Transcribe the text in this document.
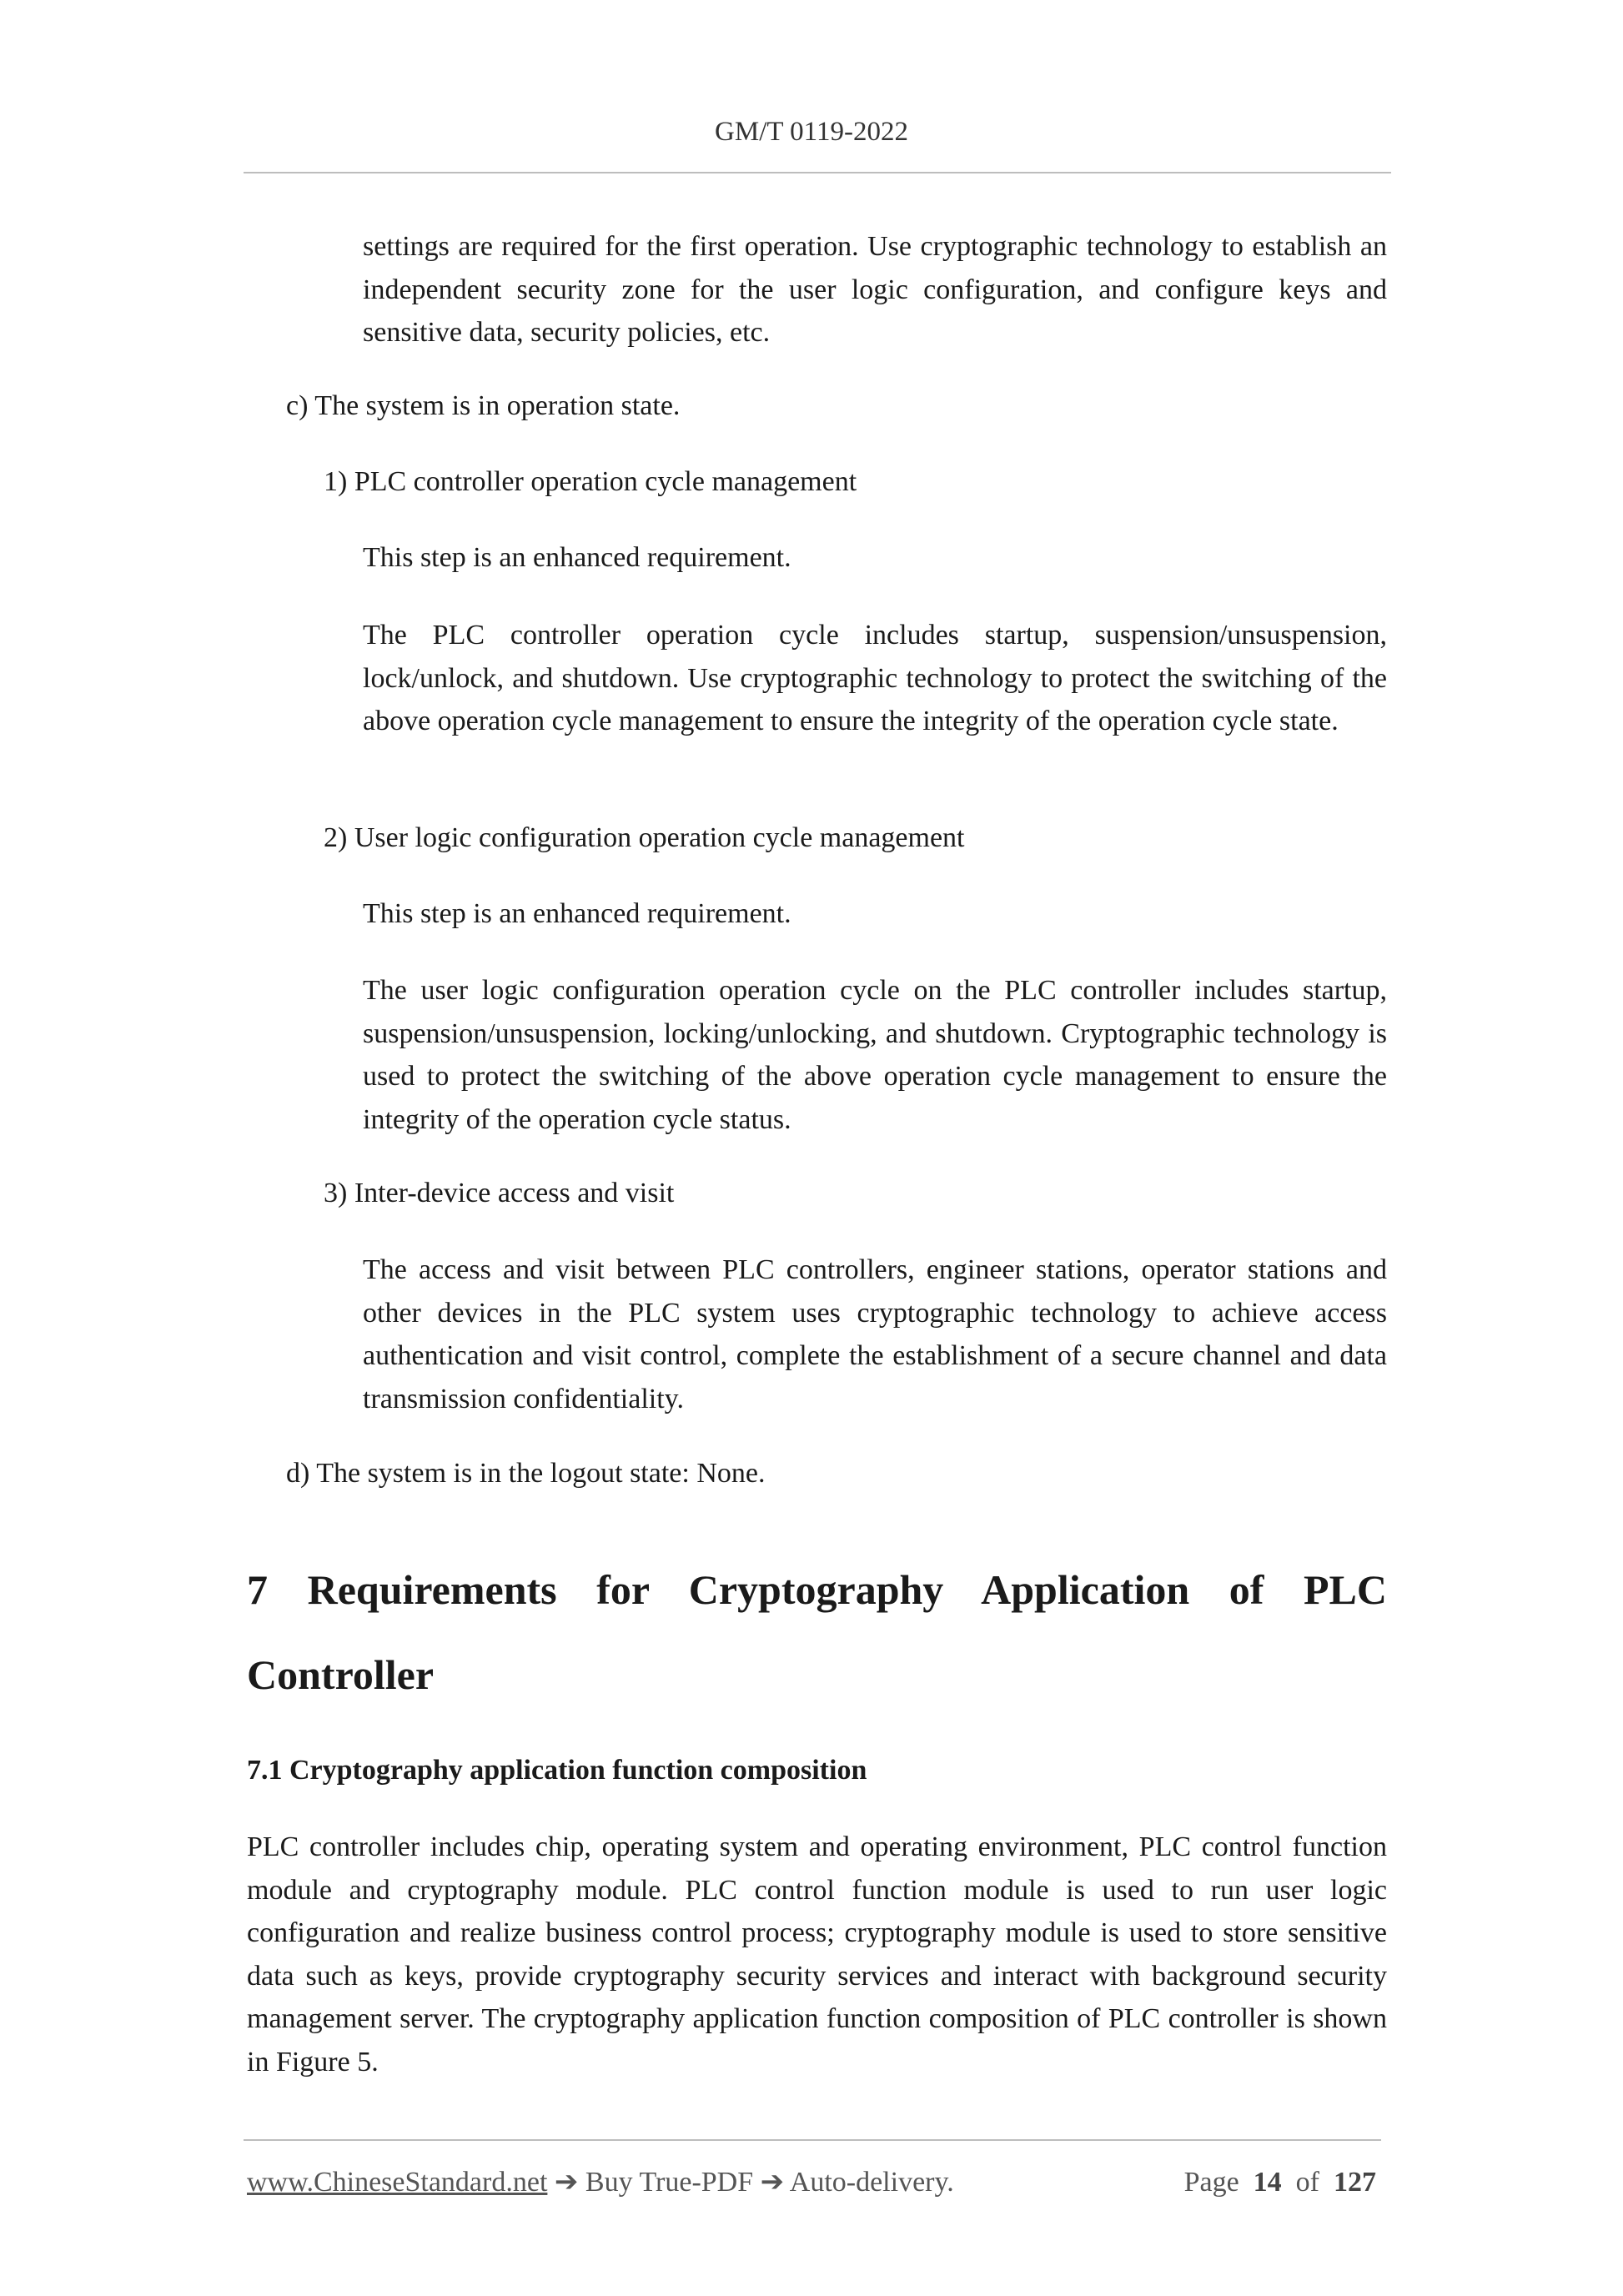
GM/T 0119-2022

settings are required for the first operation. Use cryptographic technology to establish an independent security zone for the user logic configuration, and configure keys and sensitive data, security policies, etc.

c) The system is in operation state.

1) PLC controller operation cycle management

This step is an enhanced requirement.

The PLC controller operation cycle includes startup, suspension/unsuspension, lock/unlock, and shutdown. Use cryptographic technology to protect the switching of the above operation cycle management to ensure the integrity of the operation cycle state.

2) User logic configuration operation cycle management

This step is an enhanced requirement.

The user logic configuration operation cycle on the PLC controller includes startup, suspension/unsuspension, locking/unlocking, and shutdown. Cryptographic technology is used to protect the switching of the above operation cycle management to ensure the integrity of the operation cycle status.

3) Inter-device access and visit

The access and visit between PLC controllers, engineer stations, operator stations and other devices in the PLC system uses cryptographic technology to achieve access authentication and visit control, complete the establishment of a secure channel and data transmission confidentiality.

d) The system is in the logout state: None.

7 Requirements for Cryptography Application of PLC Controller
7.1 Cryptography application function composition

PLC controller includes chip, operating system and operating environment, PLC control function module and cryptography module. PLC control function module is used to run user logic configuration and realize business control process; cryptography module is used to store sensitive data such as keys, provide cryptography security services and interact with background security management server. The cryptography application function composition of PLC controller is shown in Figure 5.

www.ChineseStandard.net ➔ Buy True-PDF ➔ Auto-delivery.	Page 14 of 127
